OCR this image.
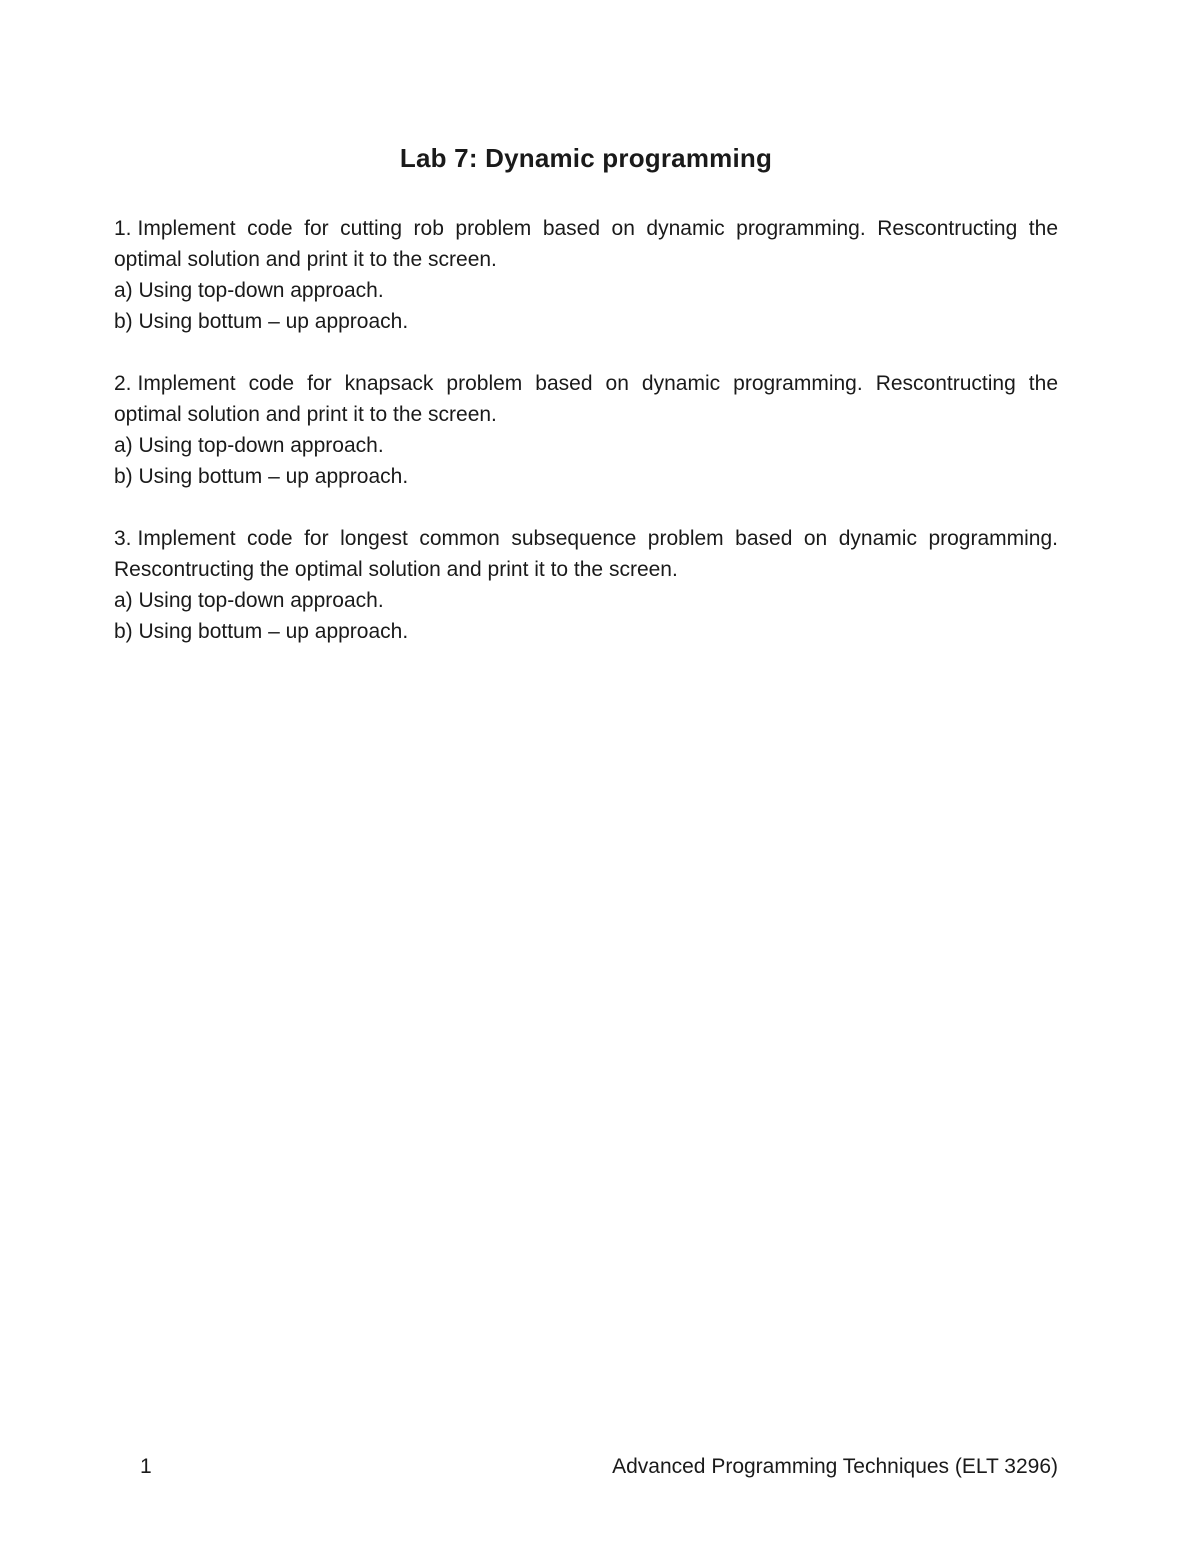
Lab 7: Dynamic programming

1. Implement code for cutting rob problem based on dynamic programming. Rescontructing the optimal solution and print it to the screen.

a) Using top-down approach.

b) Using bottum – up approach.

2. Implement code for knapsack problem based on dynamic programming. Rescontructing the optimal solution and print it to the screen.

a) Using top-down approach.

b) Using bottum – up approach.

3. Implement code for longest common subsequence problem based on dynamic programming. Rescontructing the optimal solution and print it to the screen.

a) Using top-down approach.

b) Using bottum – up approach.

1	Advanced Programming Techniques (ELT 3296)
